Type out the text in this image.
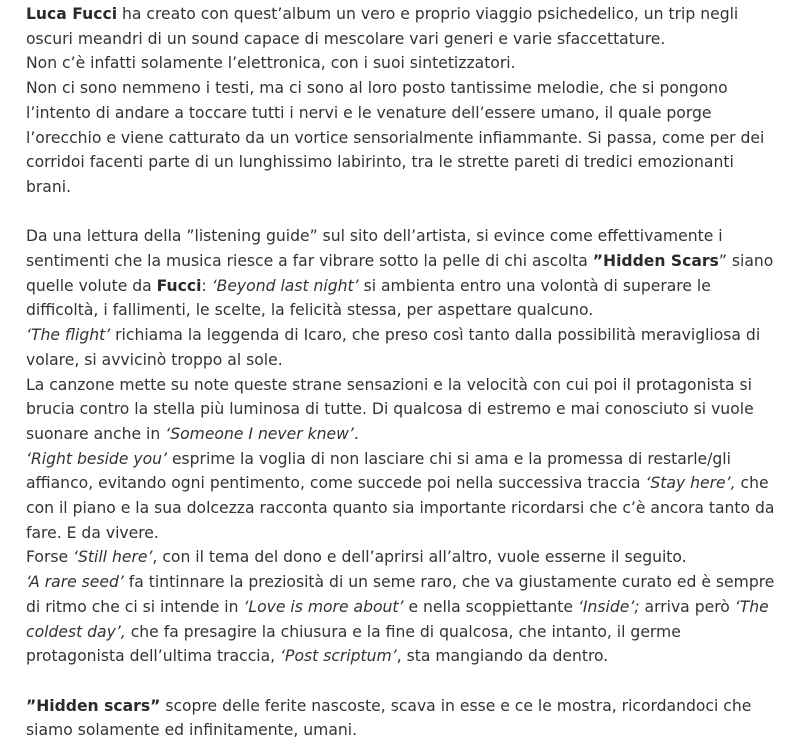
Luca Fucci ha creato con quest’album un vero e proprio viaggio psichedelico, un trip negli oscuri meandri di un sound capace di mescolare vari generi e varie sfaccettature.

Non c’è infatti solamente l’elettronica, con i suoi sintetizzatori.

Non ci sono nemmeno i testi, ma ci sono al loro posto tantissime melodie, che si pongono l’intento di andare a toccare tutti i nervi e le venature dell’essere umano, il quale porge l’orecchio e viene catturato da un vortice sensorialmente infiammante. Si passa, come per dei corridoi facenti parte di un lunghissimo labirinto, tra le strette pareti di tredici emozionanti brani.

Da una lettura della ”listening guide” sul sito dell’artista, si evince come effettivamente i sentimenti che la musica riesce a far vibrare sotto la pelle di chi ascolta ”Hidden Scars” siano quelle volute da Fucci: ‘Beyond last night’ si ambienta entro una volontà di superare le difficoltà, i fallimenti, le scelte, la felicità stessa, per aspettare qualcuno.

‘The flight’ richiama la leggenda di Icaro, che preso così tanto dalla possibilità meravigliosa di volare, si avvicinò troppo al sole.

La canzone mette su note queste strane sensazioni e la velocità con cui poi il protagonista si brucia contro la stella più luminosa di tutte. Di qualcosa di estremo e mai conosciuto si vuole suonare anche in ‘Someone I never knew’.

‘Right beside you’ esprime la voglia di non lasciare chi si ama e la promessa di restarle/gli affianco, evitando ogni pentimento, come succede poi nella successiva traccia ‘Stay here’, che con il piano e la sua dolcezza racconta quanto sia importante ricordarsi che c’è ancora tanto da fare. E da vivere.

Forse ‘Still here’, con il tema del dono e dell’aprirsi all’altro, vuole esserne il seguito.

‘A rare seed’ fa tintinnare la preziosità di un seme raro, che va giustamente curato ed è sempre di ritmo che ci si intende in ‘Love is more about’ e nella scoppiettante ‘Inside’; arriva però ‘The coldest day’, che fa presagire la chiusura e la fine di qualcosa, che intanto, il germe protagonista dell’ultima traccia, ‘Post scriptum’, sta mangiando da dentro.

”Hidden scars” scopre delle ferite nascoste, scava in esse e ce le mostra, ricordandoci che siamo solamente ed infinitamente, umani.
